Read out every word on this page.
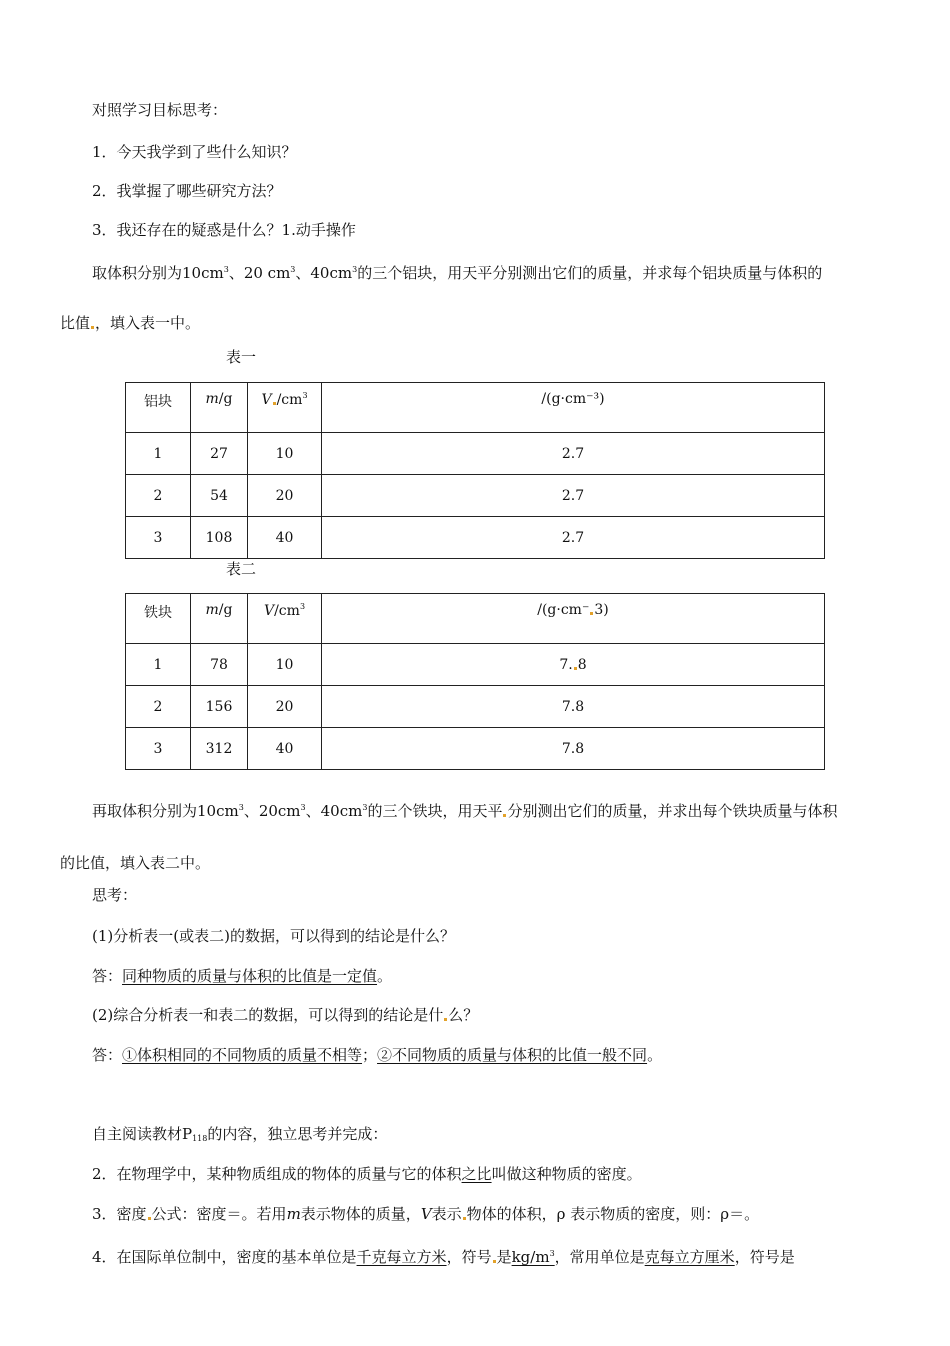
对照学习目标思考：
1．今天我学到了些什么知识？
2．我掌握了哪些研究方法？
3．我还存在的疑惑是什么？1.动手操作
取体积分别为$10cm^3$、20 $cm^3$、$40cm^3$的三个铝块，用天平分别测出它们的质量，并求每个铝块质量与体积的
比值 ，填入表一中。
表一
铝块	m/g	V $/cm^3$	/(g·cm⁻³)
1	27	10	2.7
2	54	20	2.7
3	108	40	2.7
表二
铁块	m/g	$V/cm^3$	/(g·cm⁻ 3)
1	78	10	7. 8
2	156	20	7.8
3	312	40	7.8
再取体积分别为$10cm^3$、$20cm^3$、$40cm^3$的三个铁块，用天平 分别测出它们的质量，并求出每个铁块质量与体积
的比值，填入表二中。
思考：
(1)分析表一(或表二)的数据，可以得到的结论是什么？
答：同种物质的质量与体积的比值是一定值。
(2)综合分析表一和表二的数据，可以得到的结论是什 么？
答：①体积相同的不同物质的质量不相等；②不同物质的质量与体积的比值一般不同。
自主阅读教材$P_{118}$的内容，独立思考并完成：
2．在物理学中，某种物质组成的物体的质量与它的体积之比叫做这种物质的密度。
3．密度 公式：密度＝。若用m表示物体的质量，V表示 物体的体积，ρ 表示物质的密度，则：ρ＝。
4．在国际单位制中，密度的基本单位是千克每立方米，符号 是$kg/m^3$，常用单位是克每立方厘米，符号是
